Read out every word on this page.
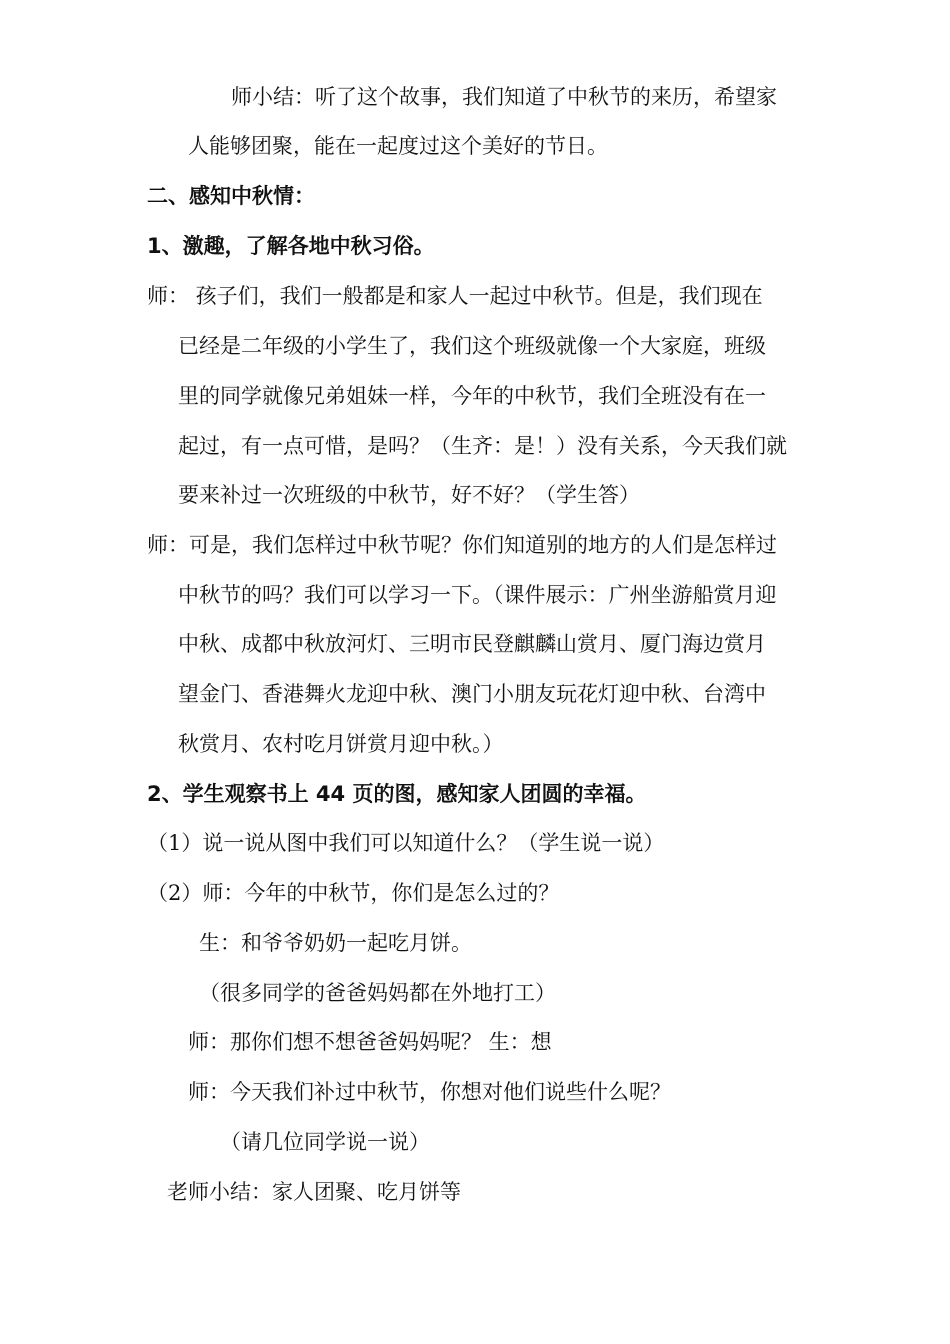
师小结：听了这个故事，我们知道了中秋节的来历，希望家
人能够团聚，能在一起度过这个美好的节日。
二、感知中秋情：
1、激趣，了解各地中秋习俗。
师： 孩子们，我们一般都是和家人一起过中秋节。但是，我们现在
已经是二年级的小学生了，我们这个班级就像一个大家庭，班级
里的同学就像兄弟姐妹一样，今年的中秋节，我们全班没有在一
起过，有一点可惜，是吗？（生齐：是！）没有关系，今天我们就
要来补过一次班级的中秋节，好不好？（学生答）
师：可是，我们怎样过中秋节呢？你们知道别的地方的人们是怎样过
中秋节的吗？我们可以学习一下。（课件展示：广州坐游船赏月迎
中秋、成都中秋放河灯、三明市民登麒麟山赏月、厦门海边赏月
望金门、香港舞火龙迎中秋、澳门小朋友玩花灯迎中秋、台湾中
秋赏月、农村吃月饼赏月迎中秋。）
2、学生观察书上 44 页的图，感知家人团圆的幸福。
（1）说一说从图中我们可以知道什么？（学生说一说）
（2）师：今年的中秋节，你们是怎么过的？
生：和爷爷奶奶一起吃月饼。
（很多同学的爸爸妈妈都在外地打工）
师：那你们想不想爸爸妈妈呢？ 生：想
师：今天我们补过中秋节，你想对他们说些什么呢？
（请几位同学说一说）
老师小结：家人团聚、吃月饼等
